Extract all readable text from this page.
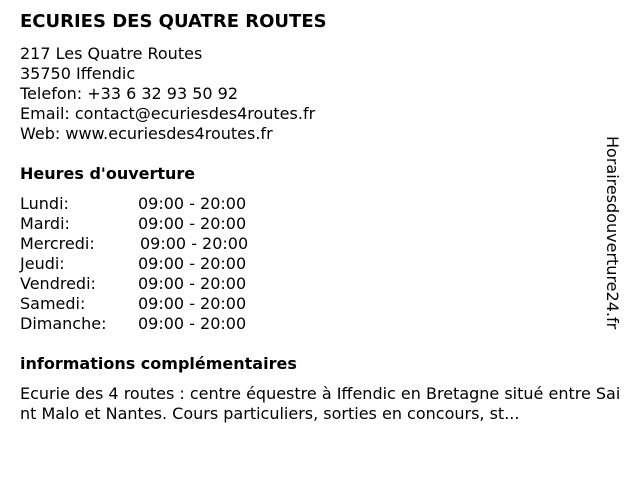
ECURIES DES QUATRE ROUTES
217 Les Quatre Routes
35750 Iffendic
Telefon: +33 6 32 93 50 92
Email: contact@ecuriesdes4routes.fr
Web: www.ecuriesdes4routes.fr
Heures d'ouverture
Lundi:	09:00 - 20:00
Mardi:	09:00 - 20:00
Mercredi:	09:00 - 20:00
Jeudi:	09:00 - 20:00
Vendredi:	09:00 - 20:00
Samedi:	09:00 - 20:00
Dimanche: 09:00 - 20:00
informations complémentaires
Ecurie des 4 routes : centre équestre à Iffendic en Bretagne situé entre Saint Malo et Nantes. Cours particuliers, sorties en concours, st...
Horairesdouverture24.fr
